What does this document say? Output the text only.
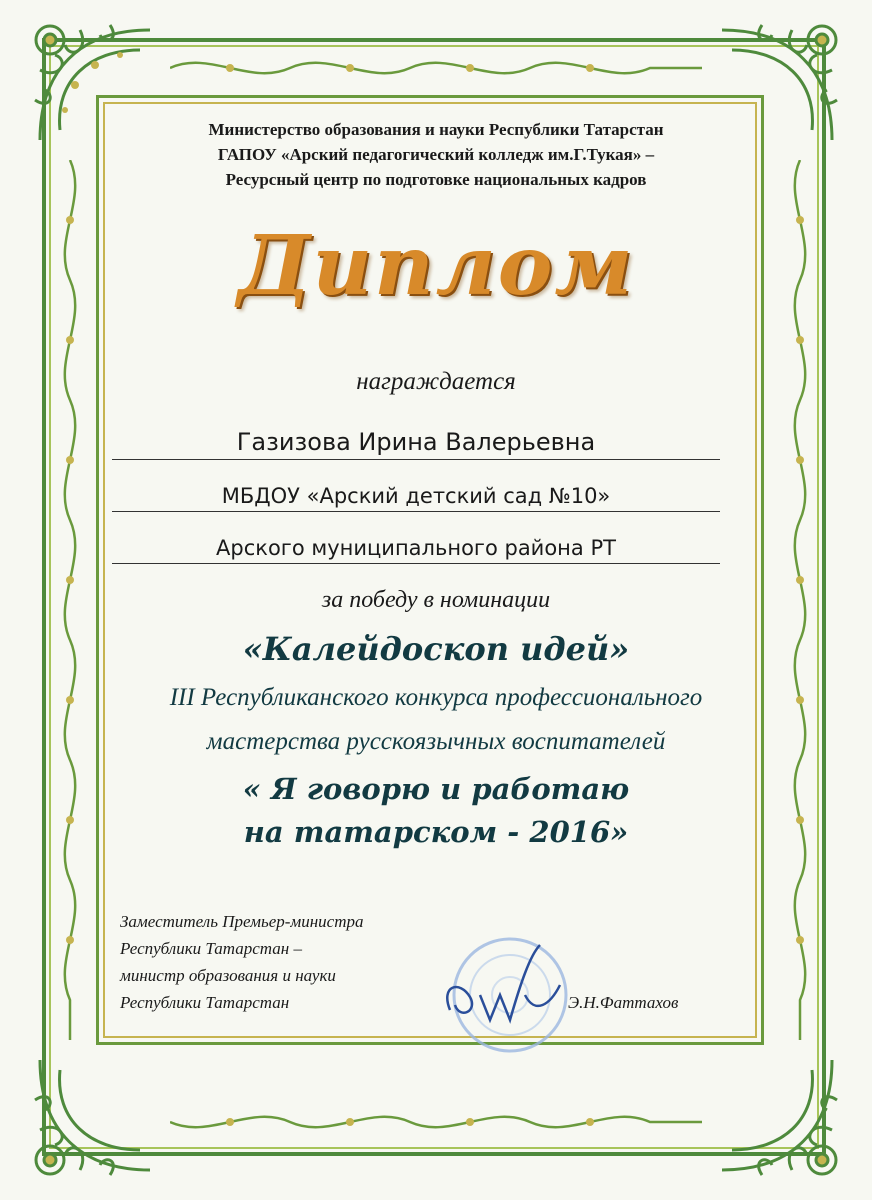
Министерство образования и науки Республики Татарстан
ГАПОУ «Арский педагогический колледж им.Г.Тукая» –
Ресурсный центр по подготовке национальных кадров
Диплом
награждается
Газизова Ирина Валерьевна
МБДОУ «Арский детский сад №10»
Арского муниципального района РТ
за победу в номинации
«Калейдоскоп идей»
III Республиканского конкурса профессионального
мастерства русскоязычных воспитателей
« Я говорю и работаю
на татарском - 2016»
Заместитель Премьер-министра
Республики Татарстан –
министр образования и науки
Республики Татарстан	Э.Н.Фаттахов
